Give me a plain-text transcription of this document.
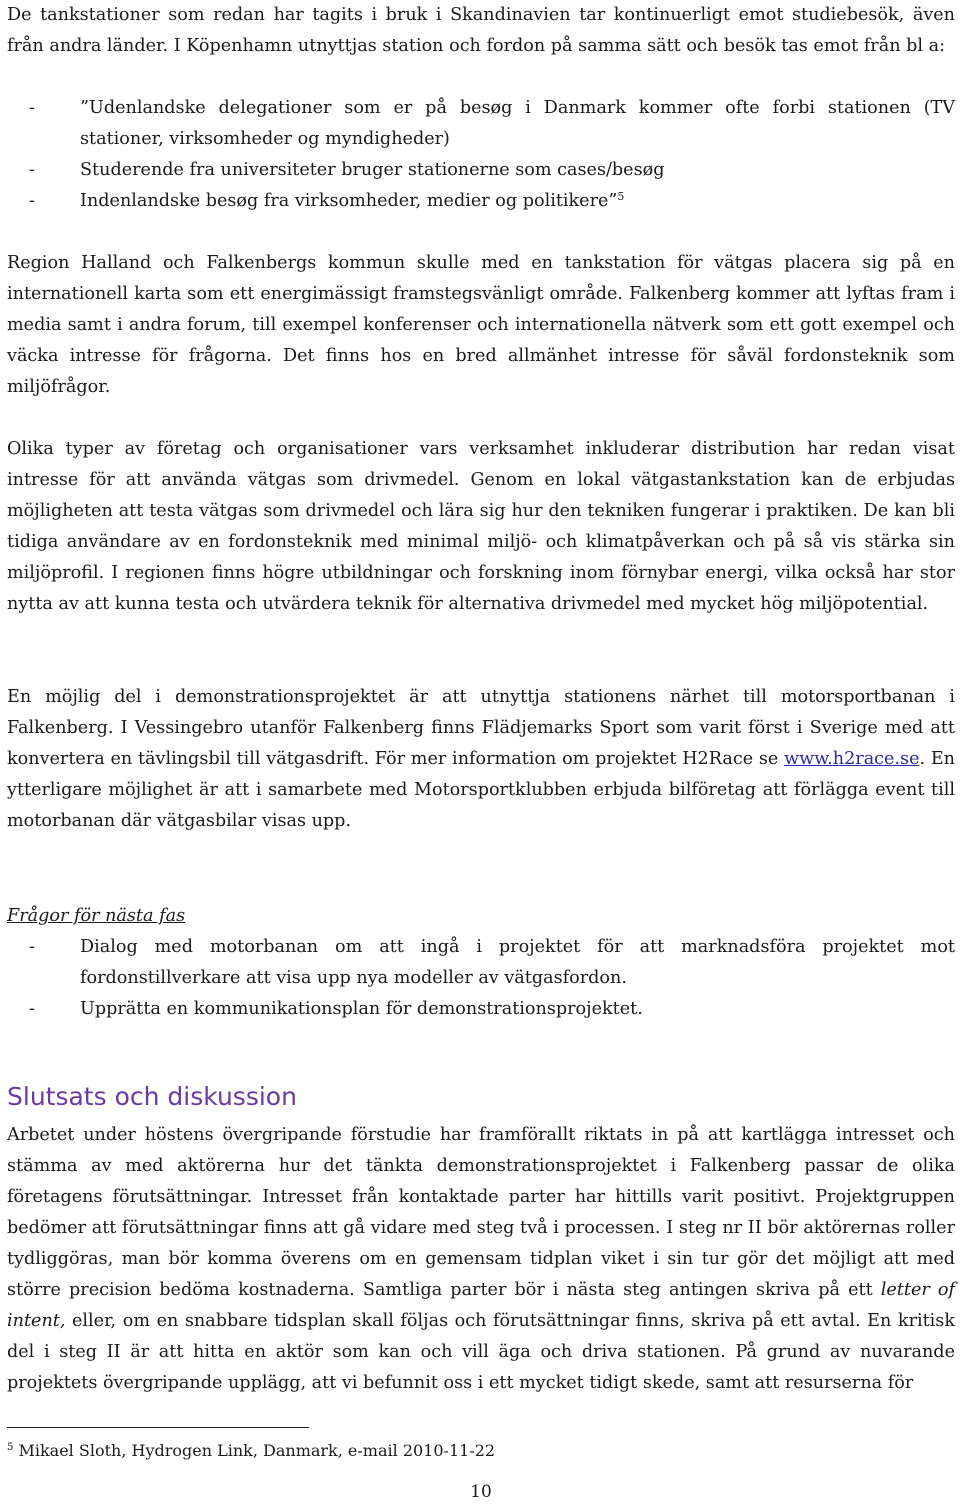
De tankstationer som redan har tagits i bruk i Skandinavien tar kontinuerligt emot studiebesök, även från andra länder. I Köpenhamn utnyttjas station och fordon på samma sätt och besök tas emot från bl a:

-	”Udenlandske delegationer som er på besøg i Danmark kommer ofte forbi stationen (TV stationer, virksomheder og myndigheder)
-	Studerende fra universiteter bruger stationerne som cases/besøg
-	Indenlandske besøg fra virksomheder, medier og politikere”$^5$

Region Halland och Falkenbergs kommun skulle med en tankstation för vätgas placera sig på en internationell karta som ett energimässigt framstegsvänligt område. Falkenberg kommer att lyftas fram i media samt i andra forum, till exempel konferenser och internationella nätverk som ett gott exempel och väcka intresse för frågorna. Det finns hos en bred allmänhet intresse för såväl fordonsteknik som miljöfrågor.

Olika typer av företag och organisationer vars verksamhet inkluderar distribution har redan visat intresse för att använda vätgas som drivmedel. Genom en lokal vätgastankstation kan de erbjudas möjligheten att testa vätgas som drivmedel och lära sig hur den tekniken fungerar i praktiken. De kan bli tidiga användare av en fordonsteknik med minimal miljö- och klimatpåverkan och på så vis stärka sin miljöprofil. I regionen finns högre utbildningar och forskning inom förnybar energi, vilka också har stor nytta av att kunna testa och utvärdera teknik för alternativa drivmedel med mycket hög miljöpotential.

En möjlig del i demonstrationsprojektet är att utnyttja stationens närhet till motorsportbanan i Falkenberg. I Vessingebro utanför Falkenberg finns Flädjemarks Sport som varit först i Sverige med att konvertera en tävlingsbil till vätgasdrift. För mer information om projektet H2Race se www.h2race.se. En ytterligare möjlighet är att i samarbete med Motorsportklubben erbjuda bilföretag att förlägga event till motorbanan där vätgasbilar visas upp.

Frågor för nästa fas
-	Dialog med motorbanan om att ingå i projektet för att marknadsföra projektet mot fordonstillverkare att visa upp nya modeller av vätgasfordon.
-	Upprätta en kommunikationsplan för demonstrationsprojektet.
Slutsats och diskussion

Arbetet under höstens övergripande förstudie har framförallt riktats in på att kartlägga intresset och stämma av med aktörerna hur det tänkta demonstrationsprojektet i Falkenberg passar de olika företagens förutsättningar. Intresset från kontaktade parter har hittills varit positivt. Projektgruppen bedömer att förutsättningar finns att gå vidare med steg två i processen. I steg nr II bör aktörernas roller tydliggöras, man bör komma överens om en gemensam tidplan viket i sin tur gör det möjligt att med större precision bedöma kostnaderna. Samtliga parter bör i nästa steg antingen skriva på ett letter of intent, eller, om en snabbare tidsplan skall följas och förutsättningar finns, skriva på ett avtal. En kritisk del i steg II är att hitta en aktör som kan och vill äga och driva stationen. På grund av nuvarande projektets övergripande upplägg, att vi befunnit oss i ett mycket tidigt skede, samt att resurserna för

$^5$ Mikael Sloth, Hydrogen Link, Danmark, e-mail 2010-11-22
10
